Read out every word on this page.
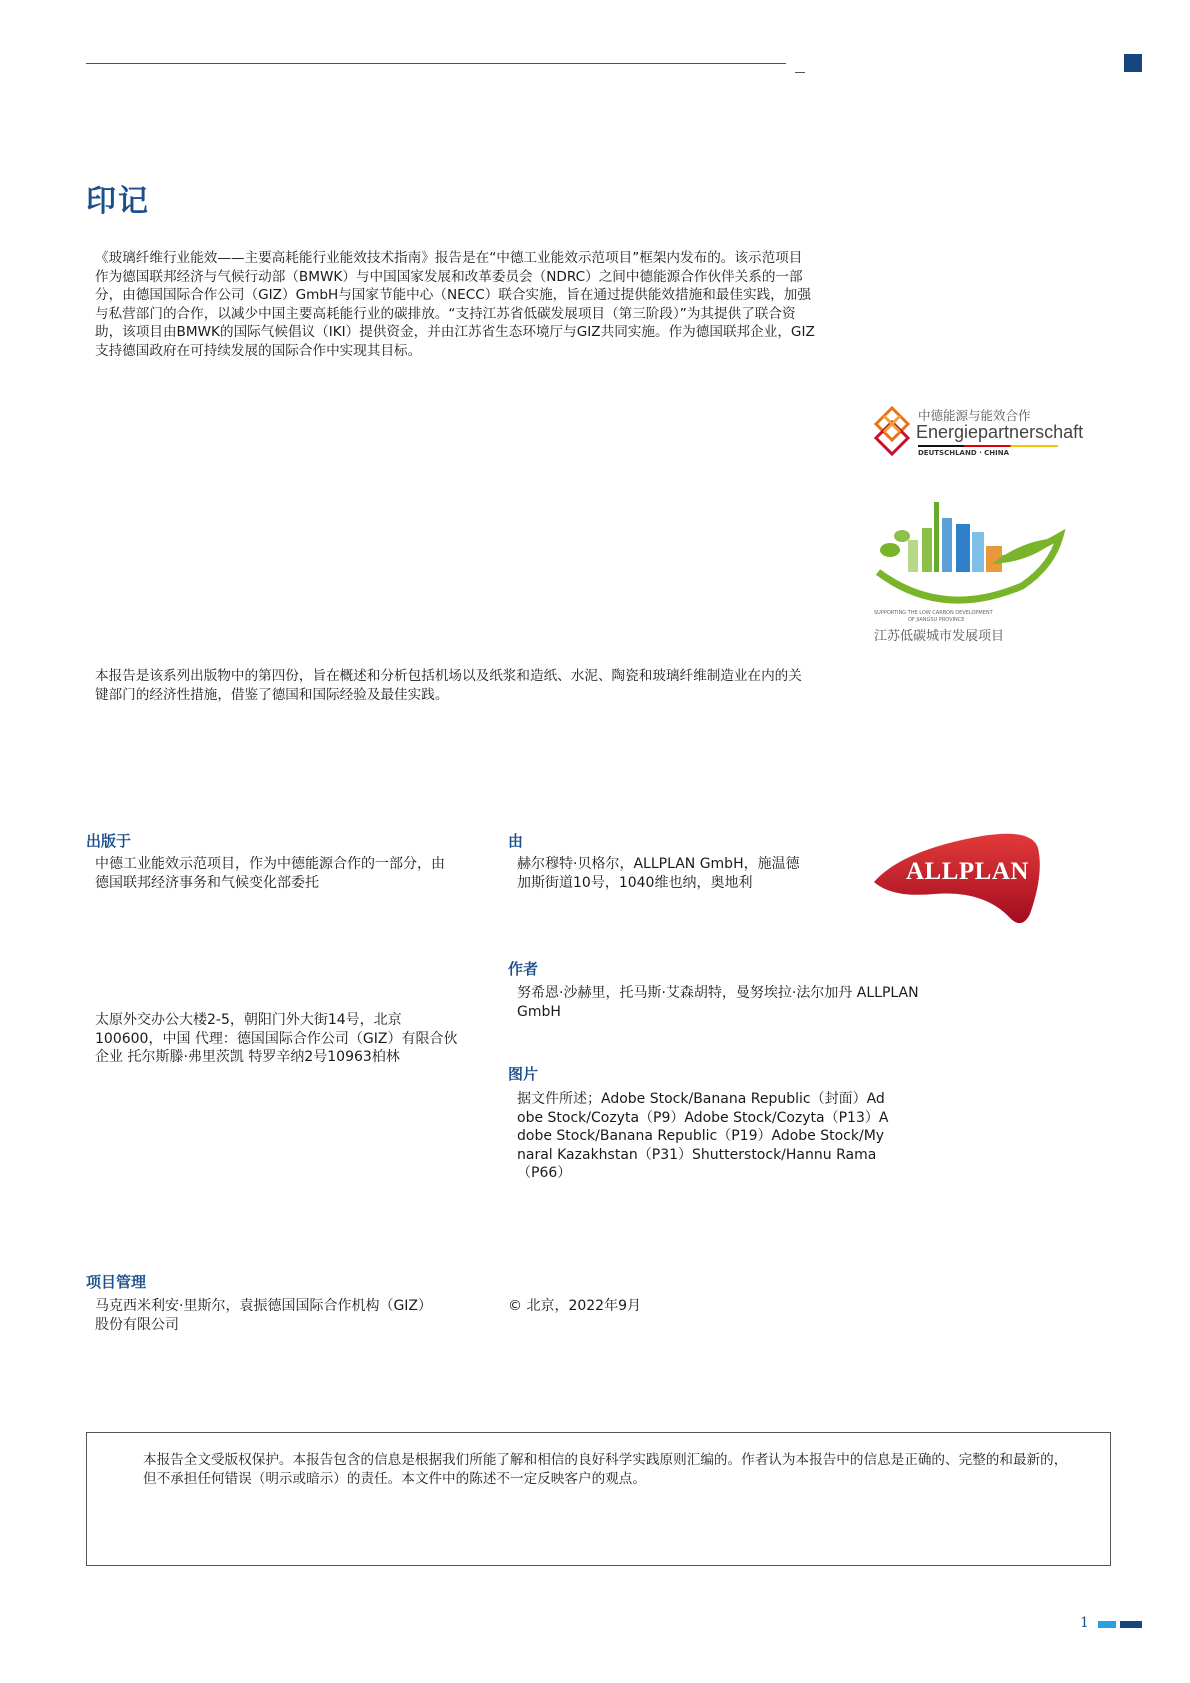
印记

《玻璃纤维行业能效——主要高耗能行业能效技术指南》报告是在“中德工业能效示范项目”框架内发布的。该示范项目作为德国联邦经济与气候行动部（BMWK）与中国国家发展和改革委员会（NDRC）之间中德能源合作伙伴关系的一部分，由德国国际合作公司（GIZ）GmbH与国家节能中心（NECC）联合实施，旨在通过提供能效措施和最佳实践，加强与私营部门的合作，以减少中国主要高耗能行业的碳排放。“支持江苏省低碳发展项目（第三阶段）”为其提供了联合资助，该项目由BMWK的国际气候倡议（IKI）提供资金，并由江苏省生态环境厅与GIZ共同实施。作为德国联邦企业，GIZ支持德国政府在可持续发展的国际合作中实现其目标。

中德能源与能效合作
Energiepartnerschaft
DEUTSCHLAND · CHINA
SUPPORTING THE LOW CARBON DEVELOPMENT
OF JIANGSU PROVINCE
江苏低碳城市发展项目

本报告是该系列出版物中的第四份，旨在概述和分析包括机场以及纸浆和造纸、水泥、陶瓷和玻璃纤维制造业在内的关键部门的经济性措施，借鉴了德国和国际经验及最佳实践。

出版于
中德工业能效示范项目，作为中德能源合作的一部分，由德国联邦经济事务和气候变化部委托
太原外交办公大楼2-5，朝阳门外大街14号，北京100600，中国 代理：德国国际合作公司（GIZ）有限合伙企业 托尔斯滕·弗里茨凯 特罗辛纳2号10963柏林
由
赫尔穆特·贝格尔，ALLPLAN GmbH，施温德加斯街道10号，1040维也纳，奥地利	ALLPLAN
作者
努希恩·沙赫里，托马斯·艾森胡特，曼努埃拉·法尔加丹 ALLPLAN GmbH
图片
据文件所述；Adobe Stock/Banana Republic（封面）Adobe Stock/Cozyta（P9）Adobe Stock/Cozyta（P13）Adobe Stock/Banana Republic（P19）Adobe Stock/Mynaral Kazakhstan（P31）Shutterstock/Hannu Rama（P66）
项目管理
马克西米利安·里斯尔，袁振德国国际合作机构（GIZ）股份有限公司
© 北京，2022年9月
本报告全文受版权保护。本报告包含的信息是根据我们所能了解和相信的良好科学实践原则汇编的。作者认为本报告中的信息是正确的、完整的和最新的，但不承担任何错误（明示或暗示）的责任。本文件中的陈述不一定反映客户的观点。
1
